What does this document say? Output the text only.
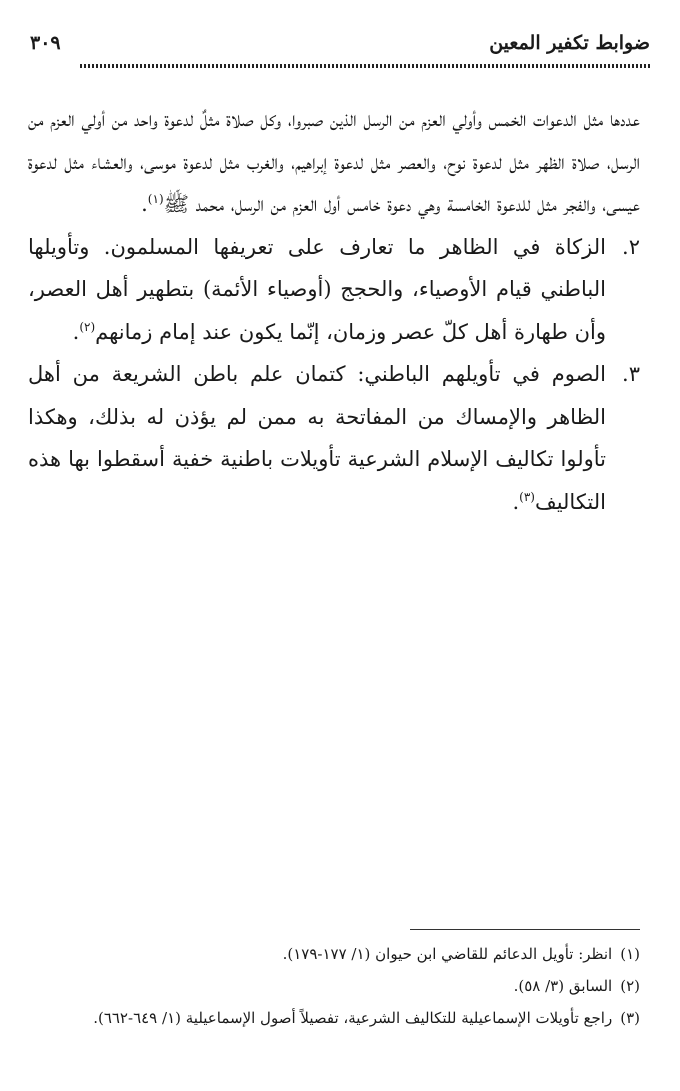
ضوابط تكفير المعين
٣٠٩

عددها مثل الدعوات الخمس وأولي العزم من الرسل الذين صبروا، وكل صلاة مثلٌ لدعوة واحد من أولي العزم من الرسل، صلاة الظهر مثل لدعوة نوح، والعصر مثل لدعوة إبراهيم، والغرب مثل لدعوة موسى، والعشاء مثل لدعوة عيسى، والفجر مثل للدعوة الخامسة وهي دعوة خامس أول العزم من الرسل، محمد ﷺ$^{(١)}$.

٢.
الزكاة في الظاهر ما تعارف على تعريفها المسلمون. وتأويلها الباطني قيام الأوصياء، والحجج (أوصياء الأئمة) بتطهير أهل العصر، وأن طهارة أهل كلّ عصر وزمان، إنّما يكون عند إمام زمانهم$^{(٢)}$.

٣.
الصوم في تأويلهم الباطني: كتمان علم باطن الشريعة من أهل الظاهر والإمساك من المفاتحة به ممن لم يؤذن له بذلك، وهكذا تأولوا تكاليف الإسلام الشرعية تأويلات باطنية خفية أسقطوا بها هذه التكاليف$^{(٣)}$.

(١)انظر: تأويل الدعائم للقاضي ابن حيوان (١/ ١٧٧-١٧٩).

(٢)السابق (٣/ ٥٨).

(٣)راجع تأويلات الإسماعيلية للتكاليف الشرعية، تفصيلاً أصول الإسماعيلية (١/ ٦٤٩-٦٦٢).
